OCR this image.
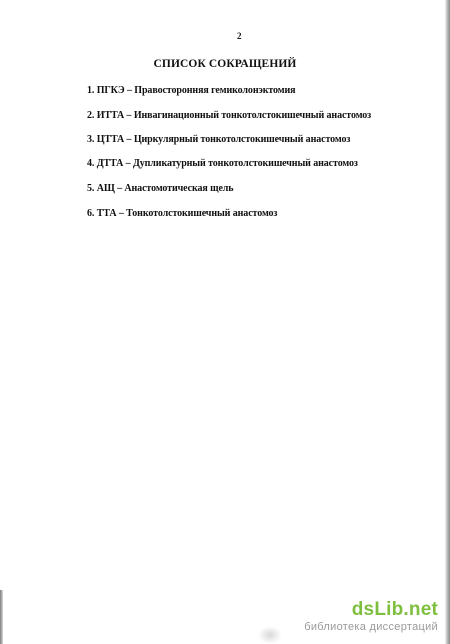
2
СПИСОК СОКРАЩЕНИЙ
1. ПГКЭ – Правосторонняя гемиколонэктомия
2. ИТТА – Инвагинационный тонкотолстокишечный анастомоз
3. ЦТТА – Циркулярный тонкотолстокишечный анастомоз
4. ДТТА – Дупликатурный тонкотолстокишечный анастомоз
5. АЩ – Анастомотическая щель
6. ТТА – Тонкотолстокишечный анастомоз
dsLib.net
библиотека диссертаций
